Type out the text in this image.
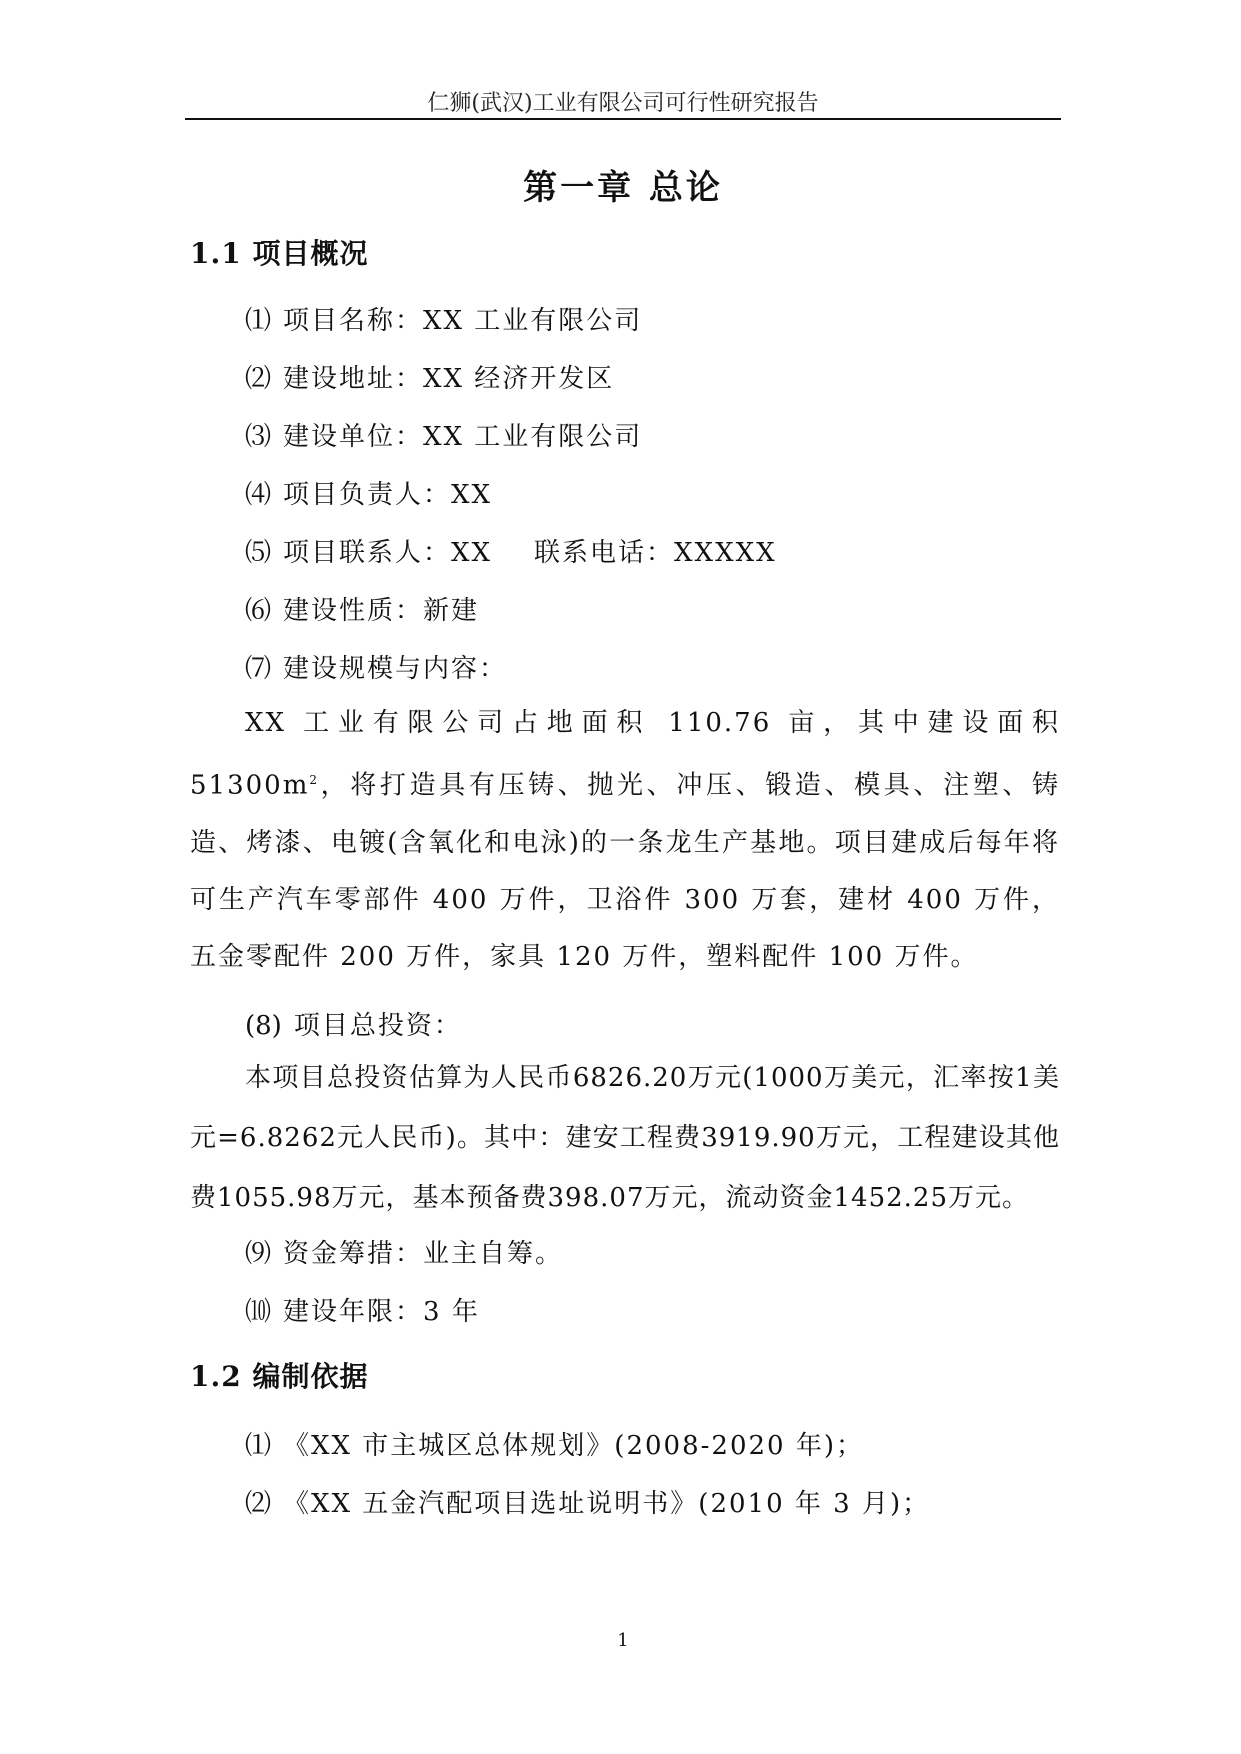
仁狮(武汉)工业有限公司可行性研究报告
第一章 总论
1.1 项目概况
⑴ 项目名称：XX 工业有限公司
⑵ 建设地址：XX 经济开发区
⑶ 建设单位：XX 工业有限公司
⑷ 项目负责人：XX
⑸ 项目联系人：XX 联系电话：XXXXX
⑹ 建设性质：新建
⑺ 建设规模与内容：
XX 工业有限公司占地面积 110.76 亩，其中建设面积 $51300m^2$，将打造具有压铸、抛光、冲压、锻造、模具、注塑、铸造、烤漆、电镀(含氧化和电泳)的一条龙生产基地。项目建成后每年将可生产汽车零部件 400 万件，卫浴件 300 万套，建材 400 万件，五金零配件 200 万件，家具 120 万件，塑料配件 100 万件。
(8) 项目总投资：
本项目总投资估算为人民币6826.20万元(1000万美元，汇率按1美元=6.8262元人民币)。其中：建安工程费3919.90万元，工程建设其他费1055.98万元，基本预备费398.07万元，流动资金1452.25万元。
⑼ 资金筹措：业主自筹。
⑽ 建设年限：3 年
1.2 编制依据
⑴ 《XX 市主城区总体规划》(2008-2020 年)；
⑵ 《XX 五金汽配项目选址说明书》(2010 年 3 月)；
1
